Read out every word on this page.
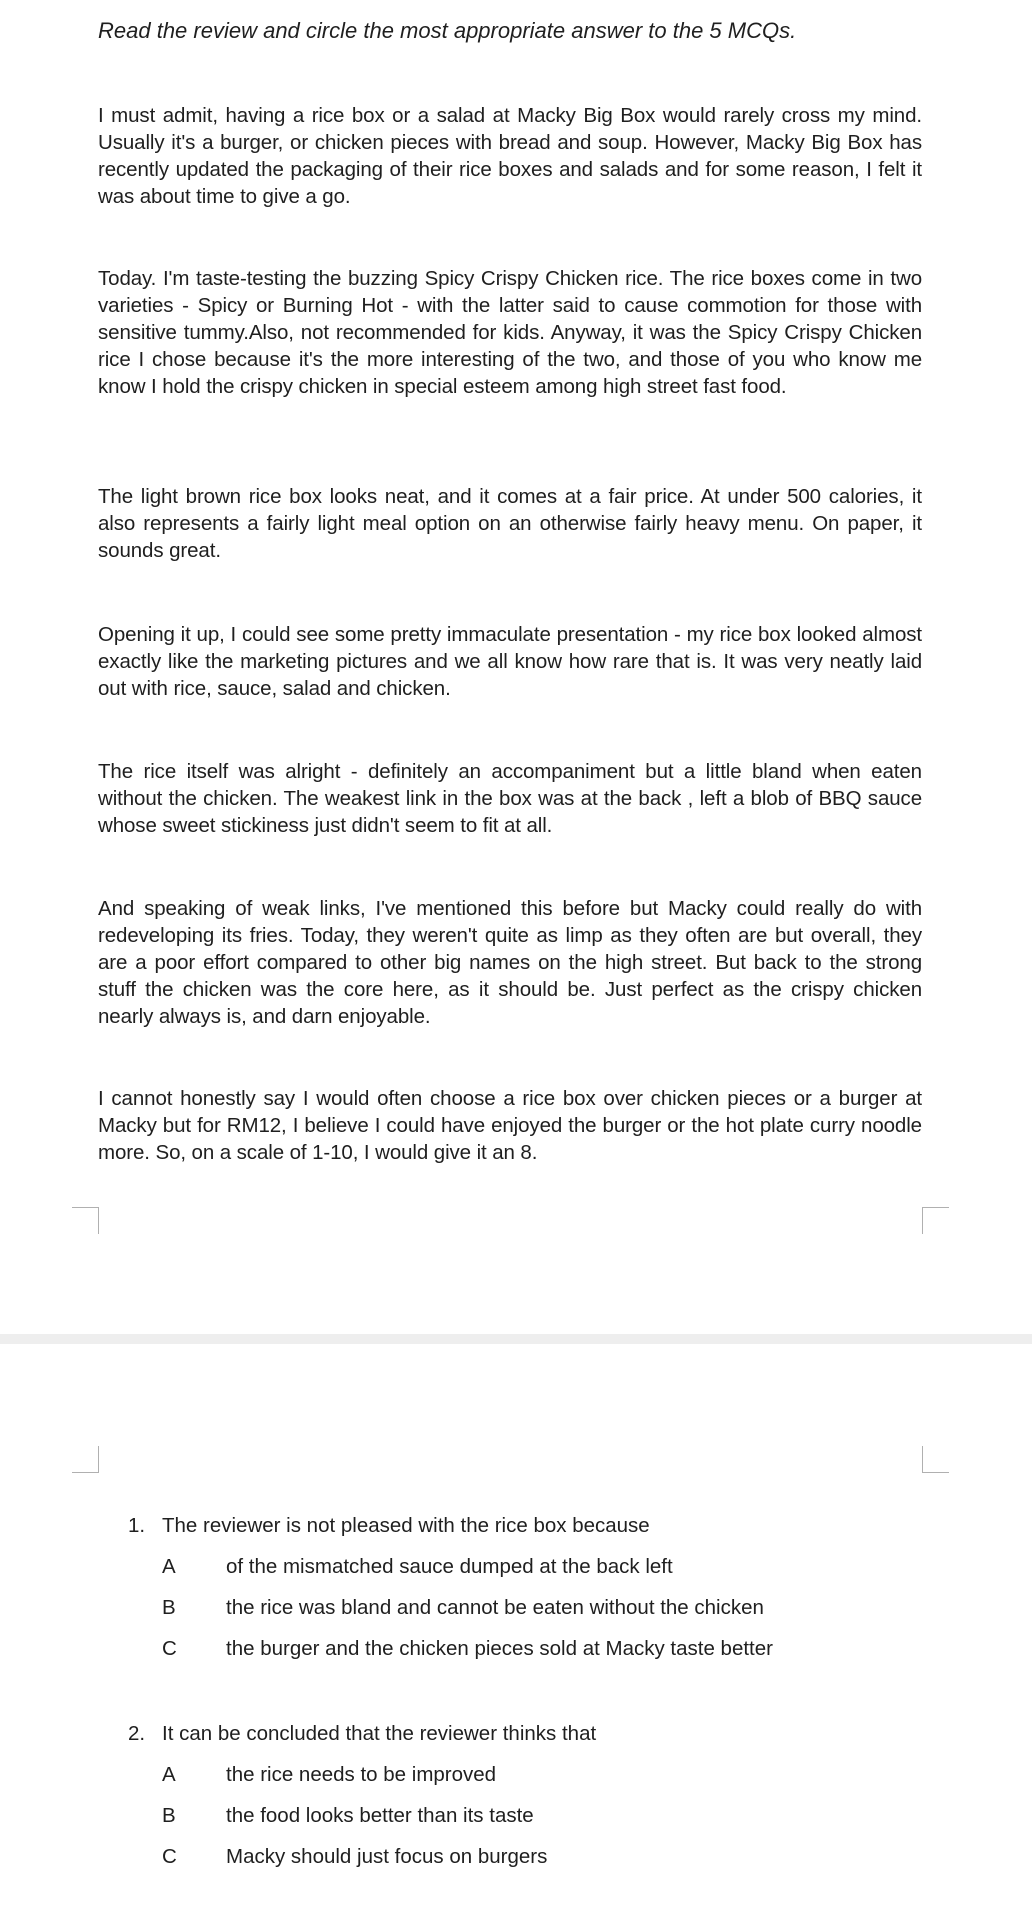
Read the review and circle the most appropriate answer to the 5 MCQs.

I must admit, having a rice box or a salad at Macky Big Box would rarely cross my mind. Usually it's a burger, or chicken pieces with bread and soup. However, Macky Big Box has recently updated the packaging of their rice boxes and salads and for some reason, I felt it was about time to give a go.

Today. I'm taste-testing the buzzing Spicy Crispy Chicken rice. The rice boxes come in two varieties - Spicy or Burning Hot - with the latter said to cause commotion for those with sensitive tummy.Also, not recommended for kids. Anyway, it was the Spicy Crispy Chicken rice I chose because it's the more interesting of the two, and those of you who know me know I hold the crispy chicken in special esteem among high street fast food.

The light brown rice box looks neat, and it comes at a fair price. At under 500 calories, it also represents a fairly light meal option on an otherwise fairly heavy menu. On paper, it sounds great.

Opening it up, I could see some pretty immaculate presentation - my rice box looked almost exactly like the marketing pictures and we all know how rare that is. It was very neatly laid out with rice, sauce, salad and chicken.

The rice itself was alright - definitely an accompaniment but a little bland when eaten without the chicken. The weakest link in the box was at the back , left a blob of BBQ sauce whose sweet stickiness just didn't seem to fit at all.

And speaking of weak links, I've mentioned this before but Macky could really do with redeveloping its fries. Today, they weren't quite as limp as they often are but overall, they are a poor effort compared to other big names on the high street. But back to the strong stuff the chicken was the core here, as it should be. Just perfect as the crispy chicken nearly always is, and darn enjoyable.

I cannot honestly say I would often choose a rice box over chicken pieces or a burger at Macky but for RM12, I believe I could have enjoyed the burger or the hot plate curry noodle more. So, on a scale of 1-10, I would give it an 8.

1. The reviewer is not pleased with the rice box because
A	of the mismatched sauce dumped at the back left
B	the rice was bland and cannot be eaten without the chicken
C	the burger and the chicken pieces sold at Macky taste better
2. It can be concluded that the reviewer thinks that
A	the rice needs to be improved
B	the food looks better than its taste
C	Macky should just focus on burgers
